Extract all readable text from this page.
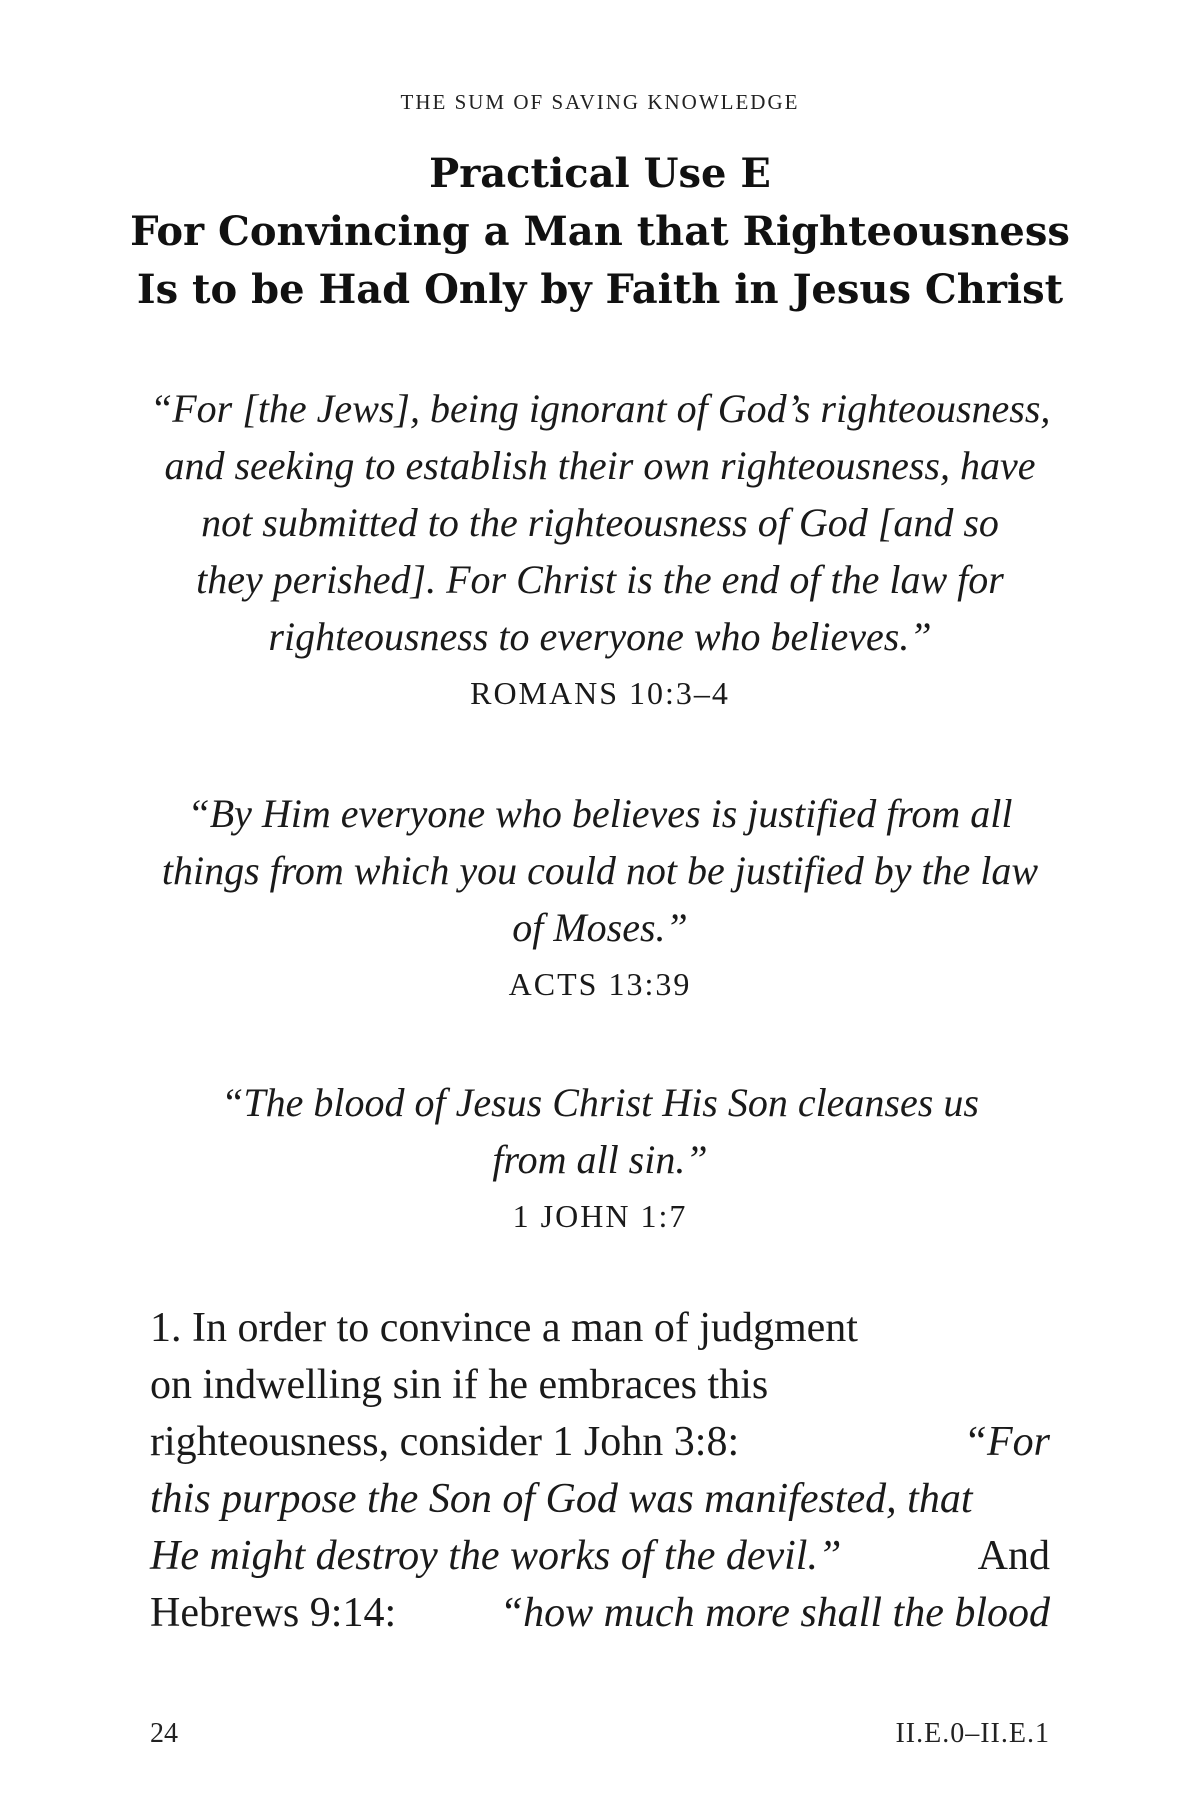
THE SUM OF SAVING KNOWLEDGE
Practical Use E
For Convincing a Man that Righteousness
Is to be Had Only by Faith in Jesus Christ
“For [the Jews], being ignorant of God’s righteousness,
and seeking to establish their own righteousness, have
not submitted to the righteousness of God [and so
they perished]. For Christ is the end of the law for
righteousness to everyone who believes.”
ROMANS 10:3–4
“By Him everyone who believes is justified from all
things from which you could not be justified by the law
of Moses.”
ACTS 13:39
“The blood of Jesus Christ His Son cleanses us
from all sin.”
1 JOHN 1:7
1. In order to convince a man of judgment
on indwelling sin if he embraces this
righteousness, consider 1 John 3:8:	“For
this purpose the Son of God was manifested, that
He might destroy the works of the devil.”	And
Hebrews 9:14: “how much more shall the blood
24	II.E.0–II.E.1
